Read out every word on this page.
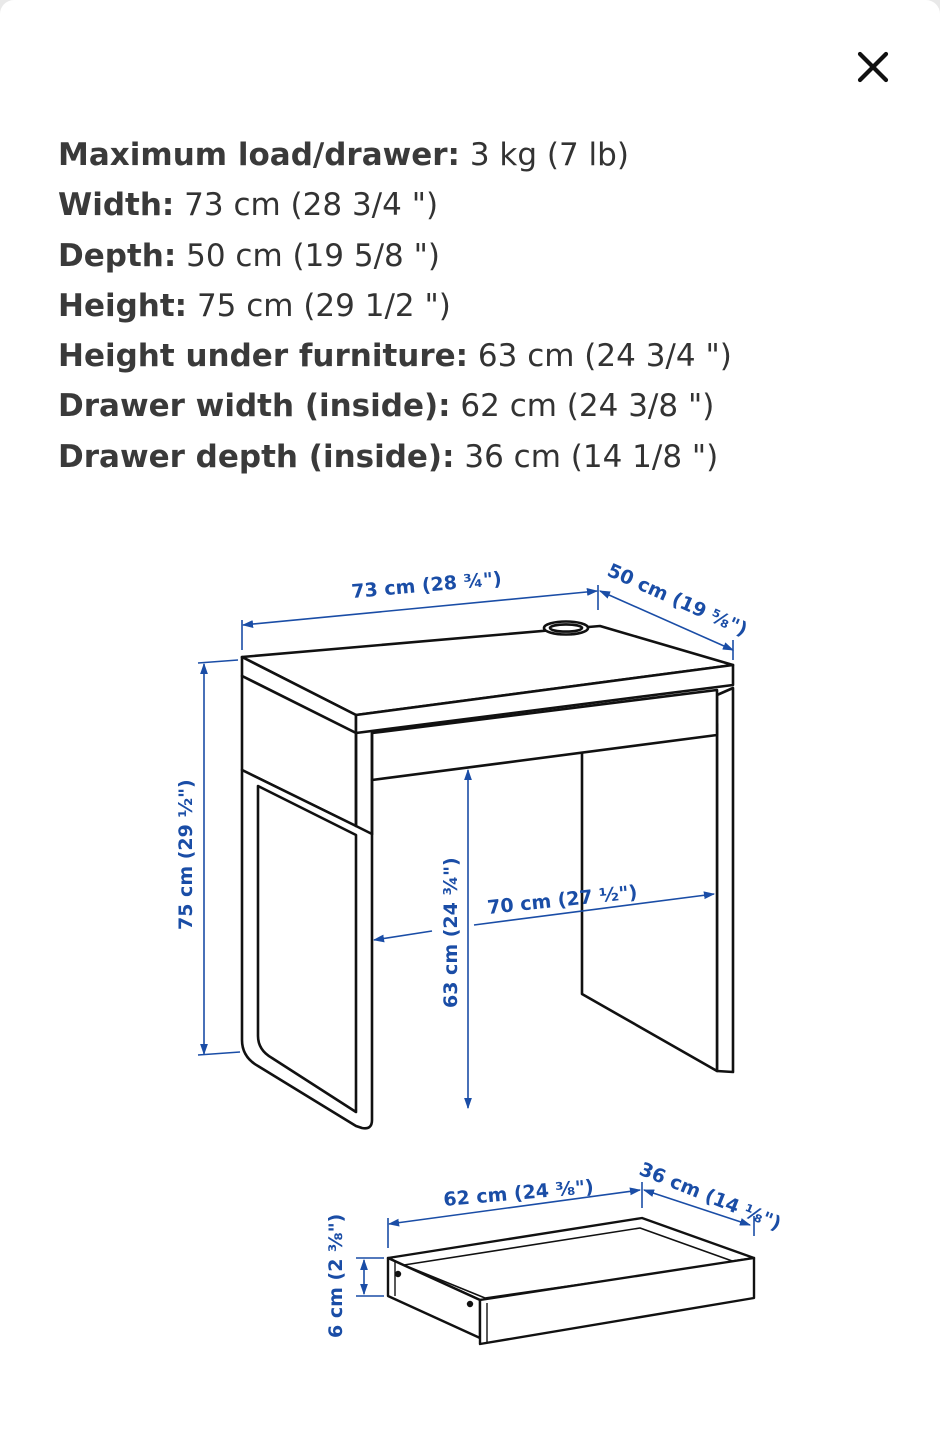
Maximum load/drawer: 3 kg (7 lb)
Width: 73 cm (28 3/4 ")
Depth: 50 cm (19 5/8 ")
Height: 75 cm (29 1/2 ")
Height under furniture: 63 cm (24 3/4 ")
Drawer width (inside): 62 cm (24 3/8 ")
Drawer depth (inside): 36 cm (14 1/8 ")
73 cm (28 ¾")	50 cm (19 ⅝")
75 cm (29 ½")
63 cm (24 ¾") 70 cm (27 ½")
62 cm (24 ⅜") 36 cm (14 ⅛")
6 cm (2 ⅜")
